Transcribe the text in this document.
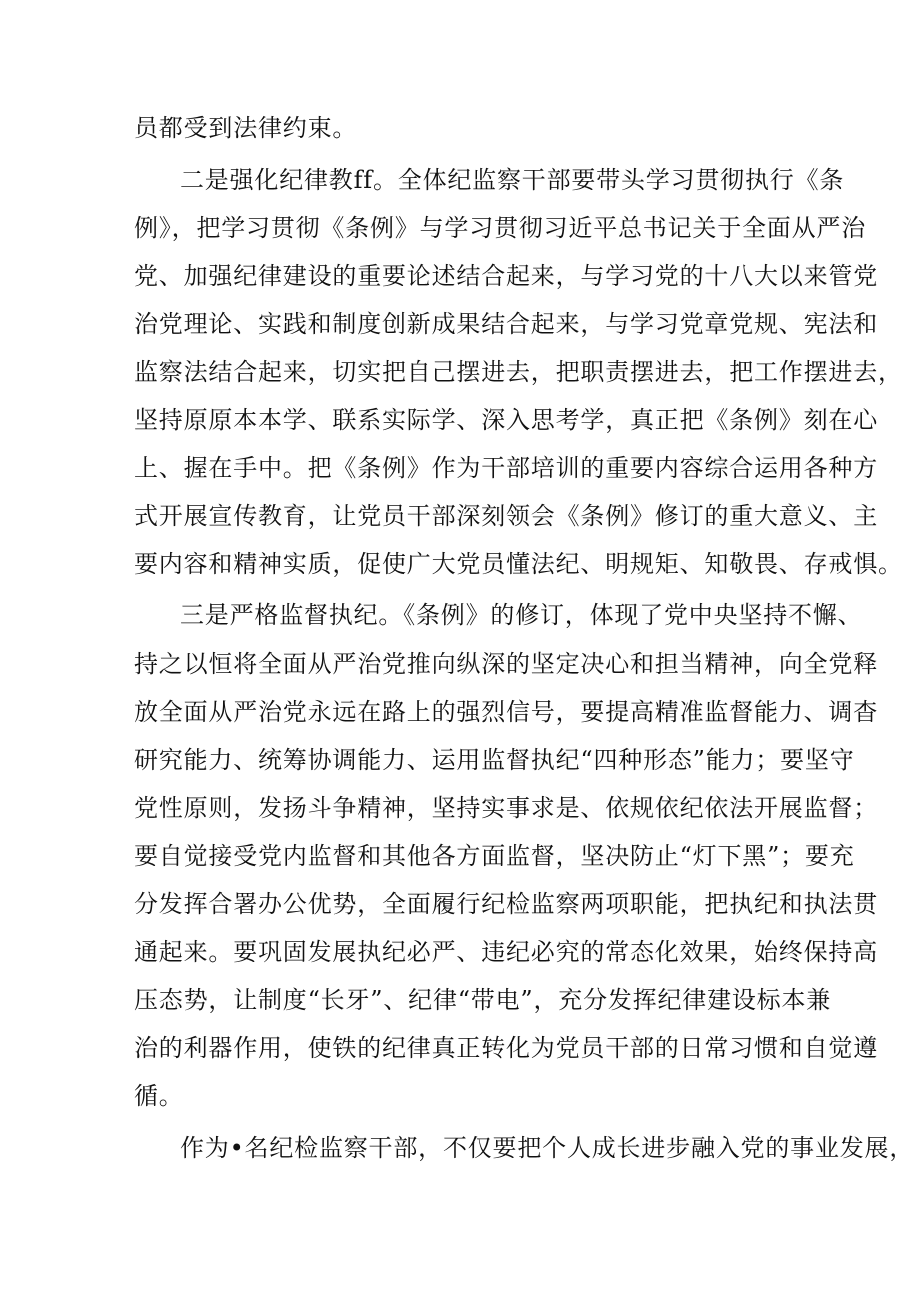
员都受到法律约束。
二是强化纪律教ff。全体纪监察干部要带头学习贯彻执行《条
例》，把学习贯彻《条例》与学习贯彻习近平总书记关于全面从严治
党、加强纪律建设的重要论述结合起来，与学习党的十八大以来管党
治党理论、实践和制度创新成果结合起来，与学习党章党规、宪法和
监察法结合起来，切实把自己摆进去，把职责摆进去，把工作摆进去，
坚持原原本本学、联系实际学、深入思考学，真正把《条例》刻在心
上、握在手中。把《条例》作为干部培训的重要内容综合运用各种方
式开展宣传教育，让党员干部深刻领会《条例》修订的重大意义、主
要内容和精神实质，促使广大党员懂法纪、明规矩、知敬畏、存戒惧。
三是严格监督执纪。《条例》的修订，体现了党中央坚持不懈、
持之以恒将全面从严治党推向纵深的坚定决心和担当精神，向全党释
放全面从严治党永远在路上的强烈信号，要提高精准监督能力、调杳
研究能力、统筹协调能力、运用监督执纪“四种形态”能力；要坚守
党性原则，发扬斗争精神，坚持实事求是、依规依纪依法开展监督；
要自觉接受党内监督和其他各方面监督，坚决防止“灯下黑”；要充
分发挥合署办公优势，全面履行纪检监察两项职能，把执纪和执法贯
通起来。要巩固发展执纪必严、违纪必究的常态化效果，始终保持高
压态势，让制度“长牙”、纪律“带电”，充分发挥纪律建设标本兼
治的利器作用，使铁的纪律真正转化为党员干部的日常习惯和自觉遵
循。
作为•名纪检监察干部，不仅要把个人成长进步融入党的事业发展，
